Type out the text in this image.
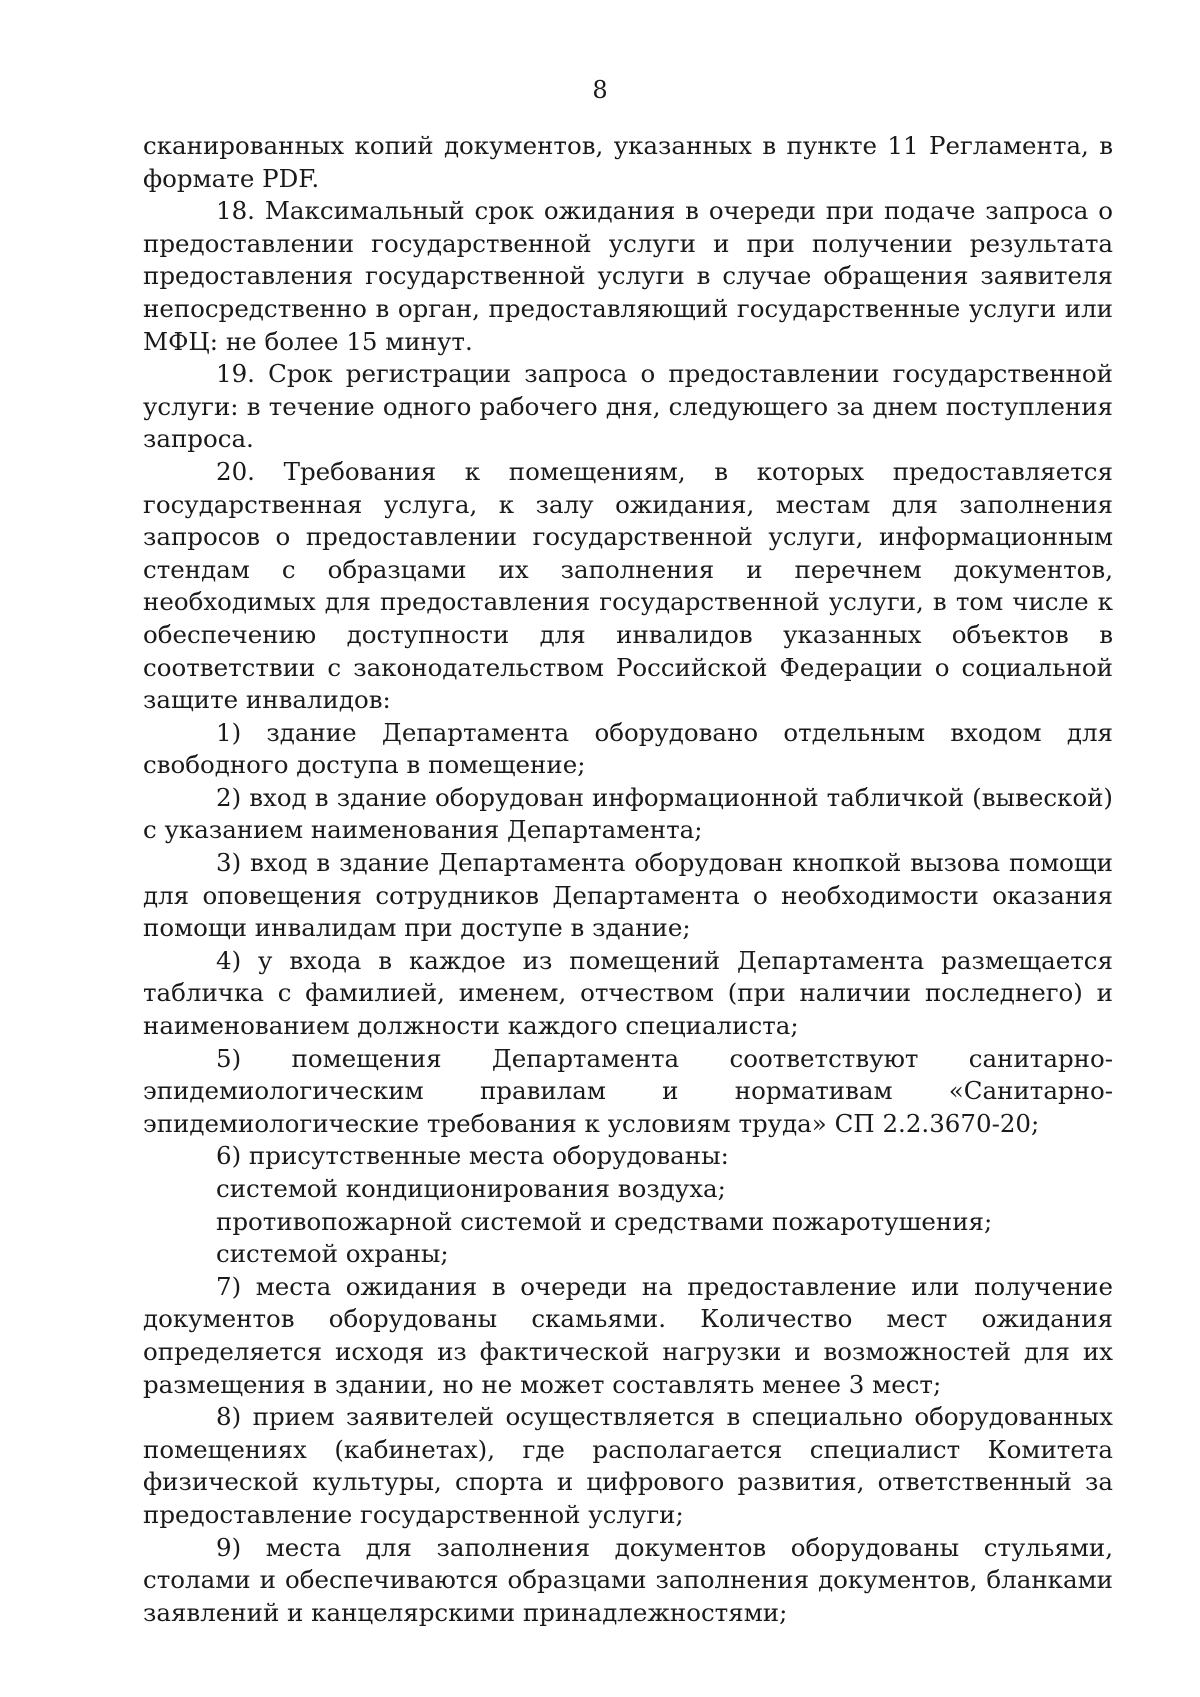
8

сканированных копий документов, указанных в пункте 11 Регламента, в формате PDF.

18. Максимальный срок ожидания в очереди при подаче запроса о предоставлении государственной услуги и при получении результата предоставления государственной услуги в случае обращения заявителя непосредственно в орган, предоставляющий государственные услуги или МФЦ: не более 15 минут.

19. Срок регистрации запроса о предоставлении государственной услуги: в течение одного рабочего дня, следующего за днем поступления запроса.

20. Требования к помещениям, в которых предоставляется государственная услуга, к залу ожидания, местам для заполнения запросов о предоставлении государственной услуги, информационным стендам с образцами их заполнения и перечнем документов, необходимых для предоставления государственной услуги, в том числе к обеспечению доступности для инвалидов указанных объектов в соответствии с законодательством Российской Федерации о социальной защите инвалидов:

1) здание Департамента оборудовано отдельным входом для свободного доступа в помещение;

2) вход в здание оборудован информационной табличкой (вывеской) с указанием наименования Департамента;

3) вход в здание Департамента оборудован кнопкой вызова помощи для оповещения сотрудников Департамента о необходимости оказания помощи инвалидам при доступе в здание;

4) у входа в каждое из помещений Департамента размещается табличка с фамилией, именем, отчеством (при наличии последнего) и наименованием должности каждого специалиста;

5) помещения Департамента соответствуют санитарно-эпидемиологическим правилам и нормативам «Санитарно-эпидемиологические требования к условиям труда» СП 2.2.3670-20;

6) присутственные места оборудованы:

системой кондиционирования воздуха;

противопожарной системой и средствами пожаротушения;

системой охраны;

7) места ожидания в очереди на предоставление или получение документов оборудованы скамьями. Количество мест ожидания определяется исходя из фактической нагрузки и возможностей для их размещения в здании, но не может составлять менее 3 мест;

8) прием заявителей осуществляется в специально оборудованных помещениях (кабинетах), где располагается специалист Комитета физической культуры, спорта и цифрового развития, ответственный за предоставление государственной услуги;

9) места для заполнения документов оборудованы стульями, столами и обеспечиваются образцами заполнения документов, бланками заявлений и канцелярскими принадлежностями;
